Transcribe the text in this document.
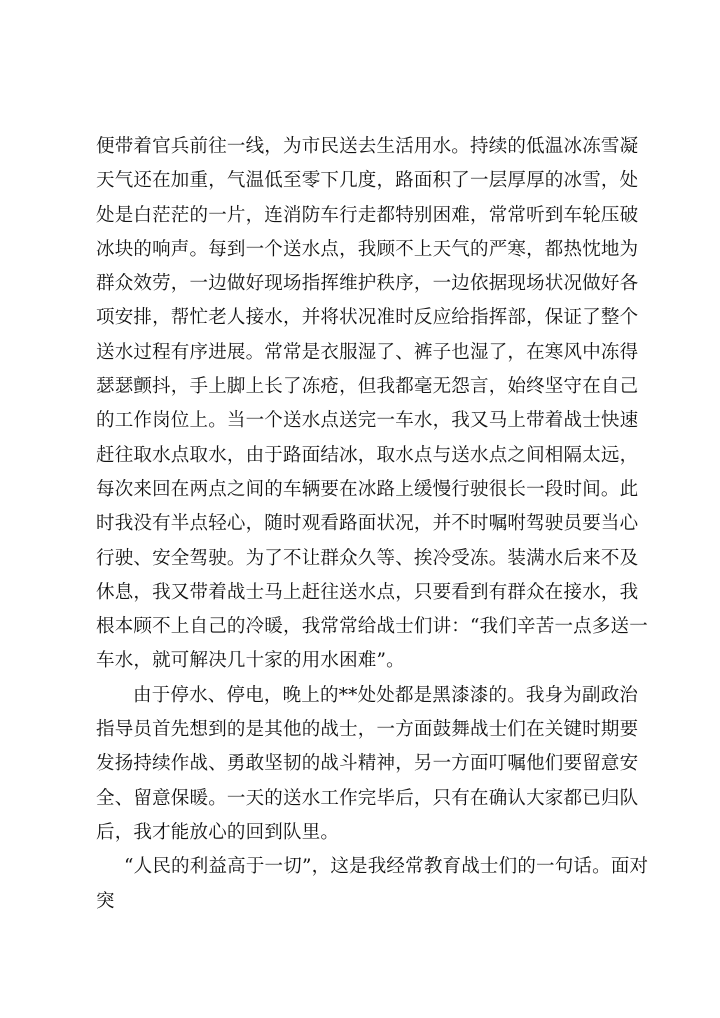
便带着官兵前往一线，为市民送去生活用水。持续的低温冰冻雪凝天气还在加重，气温低至零下几度，路面积了一层厚厚的冰雪，处处是白茫茫的一片，连消防车行走都特别困难，常常听到车轮压破冰块的响声。每到一个送水点，我顾不上天气的严寒，都热忱地为群众效劳，一边做好现场指挥维护秩序，一边依据现场状况做好各项安排，帮忙老人接水，并将状况准时反应给指挥部，保证了整个送水过程有序进展。常常是衣服湿了、裤子也湿了，在寒风中冻得瑟瑟颤抖，手上脚上长了冻疮，但我都毫无怨言，始终坚守在自己的工作岗位上。当一个送水点送完一车水，我又马上带着战士快速赶往取水点取水，由于路面结冰，取水点与送水点之间相隔太远，每次来回在两点之间的车辆要在冰路上缓慢行驶很长一段时间。此时我没有半点轻心，随时观看路面状况，并不时嘱咐驾驶员要当心行驶、安全驾驶。为了不让群众久等、挨冷受冻。装满水后来不及休息，我又带着战士马上赶往送水点，只要看到有群众在接水，我根本顾不上自己的冷暖，我常常给战士们讲：“我们辛苦一点多送一车水，就可解决几十家的用水困难”。

由于停水、停电，晚上的**处处都是黑漆漆的。我身为副政治指导员首先想到的是其他的战士，一方面鼓舞战士们在关键时期要发扬持续作战、勇敢坚韧的战斗精神，另一方面叮嘱他们要留意安全、留意保暖。一天的送水工作完毕后，只有在确认大家都已归队后，我才能放心的回到队里。

“人民的利益高于一切”，这是我经常教育战士们的一句话。面对突
